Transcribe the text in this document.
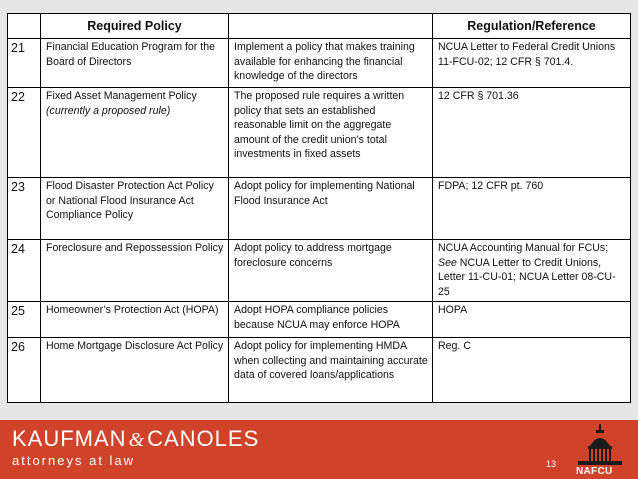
	Required Policy		Regulation/Reference
21	Financial Education Program for the Board of Directors	Implement a policy that makes training available for enhancing the financial knowledge of the directors	NCUA Letter to Federal Credit Unions 11-FCU-02; 12 CFR § 701.4.
22	Fixed Asset Management Policy (currently a proposed rule)	The proposed rule requires a written policy that sets an established reasonable limit on the aggregate amount of the credit union’s total investments in fixed assets	12 CFR § 701.36
23	Flood Disaster Protection Act Policy or National Flood Insurance Act Compliance Policy	Adopt policy for implementing National Flood Insurance Act	FDPA; 12 CFR pt. 760
24	Foreclosure and Repossession Policy	Adopt policy to address mortgage foreclosure concerns	NCUA Accounting Manual for FCUs; See NCUA Letter to Credit Unions, Letter 11-CU-01; NCUA Letter 08-CU-25
25	Homeowner’s Protection Act (HOPA)	Adopt HOPA compliance policies because NCUA may enforce HOPA	HOPA
26	Home Mortgage Disclosure Act Policy	Adopt policy for implementing HMDA when collecting and maintaining accurate data of covered loans/applications	Reg. C
KAUFMAN &CANOLES
attorneys at law	13
NAFCU
